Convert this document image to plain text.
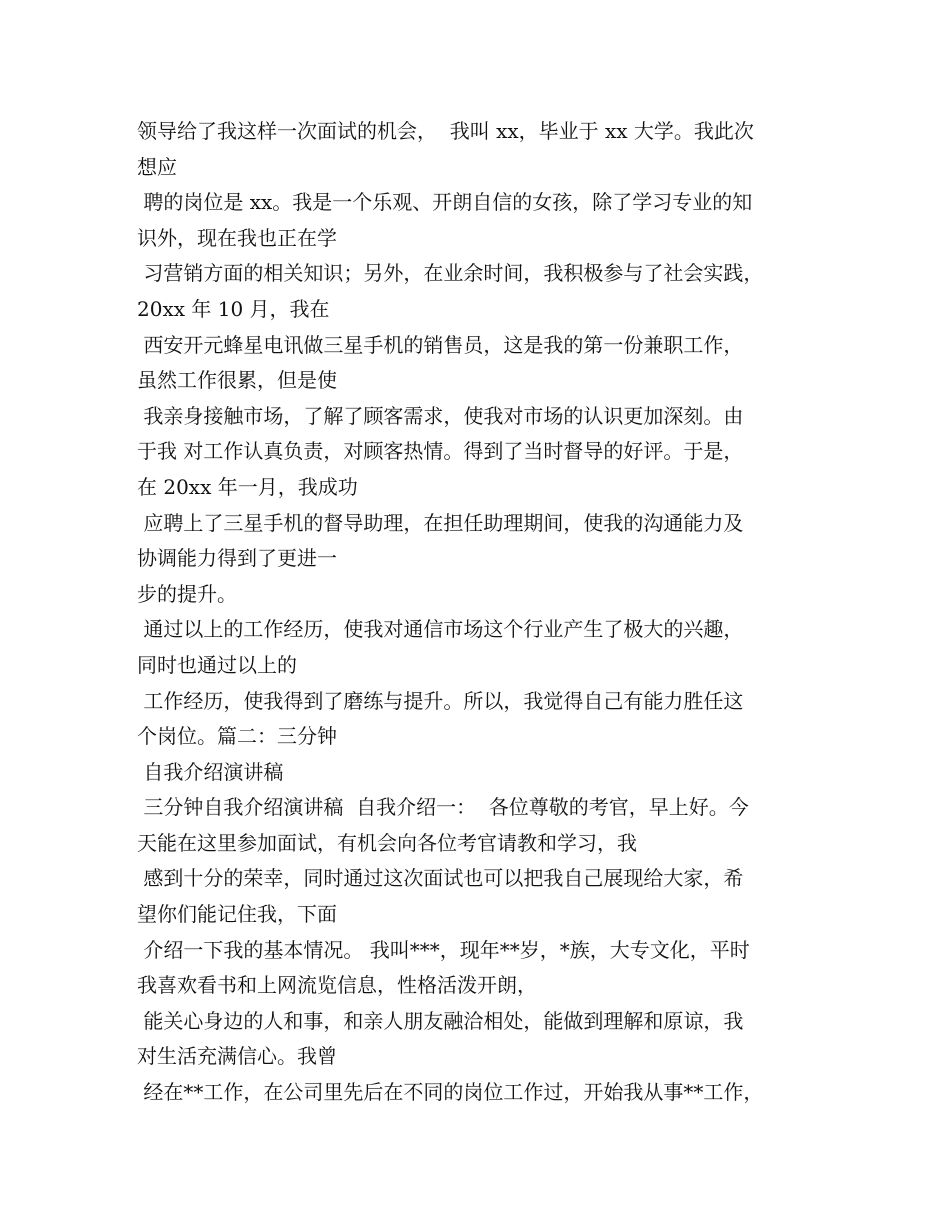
领导给了我这样一次面试的机会，  我叫 xx，毕业于 xx 大学。我此次
想应
聘的岗位是 xx。我是一个乐观、开朗自信的女孩，除了学习专业的知
识外，现在我也正在学
习营销方面的相关知识；另外，在业余时间，我积极参与了社会实践，
20xx 年 10 月，我在
西安开元蜂星电讯做三星手机的销售员，这是我的第一份兼职工作，
虽然工作很累，但是使
我亲身接触市场，了解了顾客需求，使我对市场的认识更加深刻。由
于我 对工作认真负责，对顾客热情。得到了当时督导的好评。于是，
在 20xx 年一月，我成功
应聘上了三星手机的督导助理，在担任助理期间，使我的沟通能力及
协调能力得到了更进一
步的提升。
通过以上的工作经历，使我对通信市场这个行业产生了极大的兴趣，
同时也通过以上的
工作经历，使我得到了磨练与提升。所以，我觉得自己有能力胜任这
个岗位。篇二：三分钟
自我介绍演讲稿
三分钟自我介绍演讲稿  自我介绍一：  各位尊敬的考官，早上好。今
天能在这里参加面试，有机会向各位考官请教和学习，我
感到十分的荣幸，同时通过这次面试也可以把我自己展现给大家，希
望你们能记住我，下面
介绍一下我的基本情况。 我叫***，现年**岁，*族，大专文化，平时
我喜欢看书和上网流览信息，性格活泼开朗，
能关心身边的人和事，和亲人朋友融洽相处，能做到理解和原谅，我
对生活充满信心。我曾
经在**工作，在公司里先后在不同的岗位工作过，开始我从事**工作，
